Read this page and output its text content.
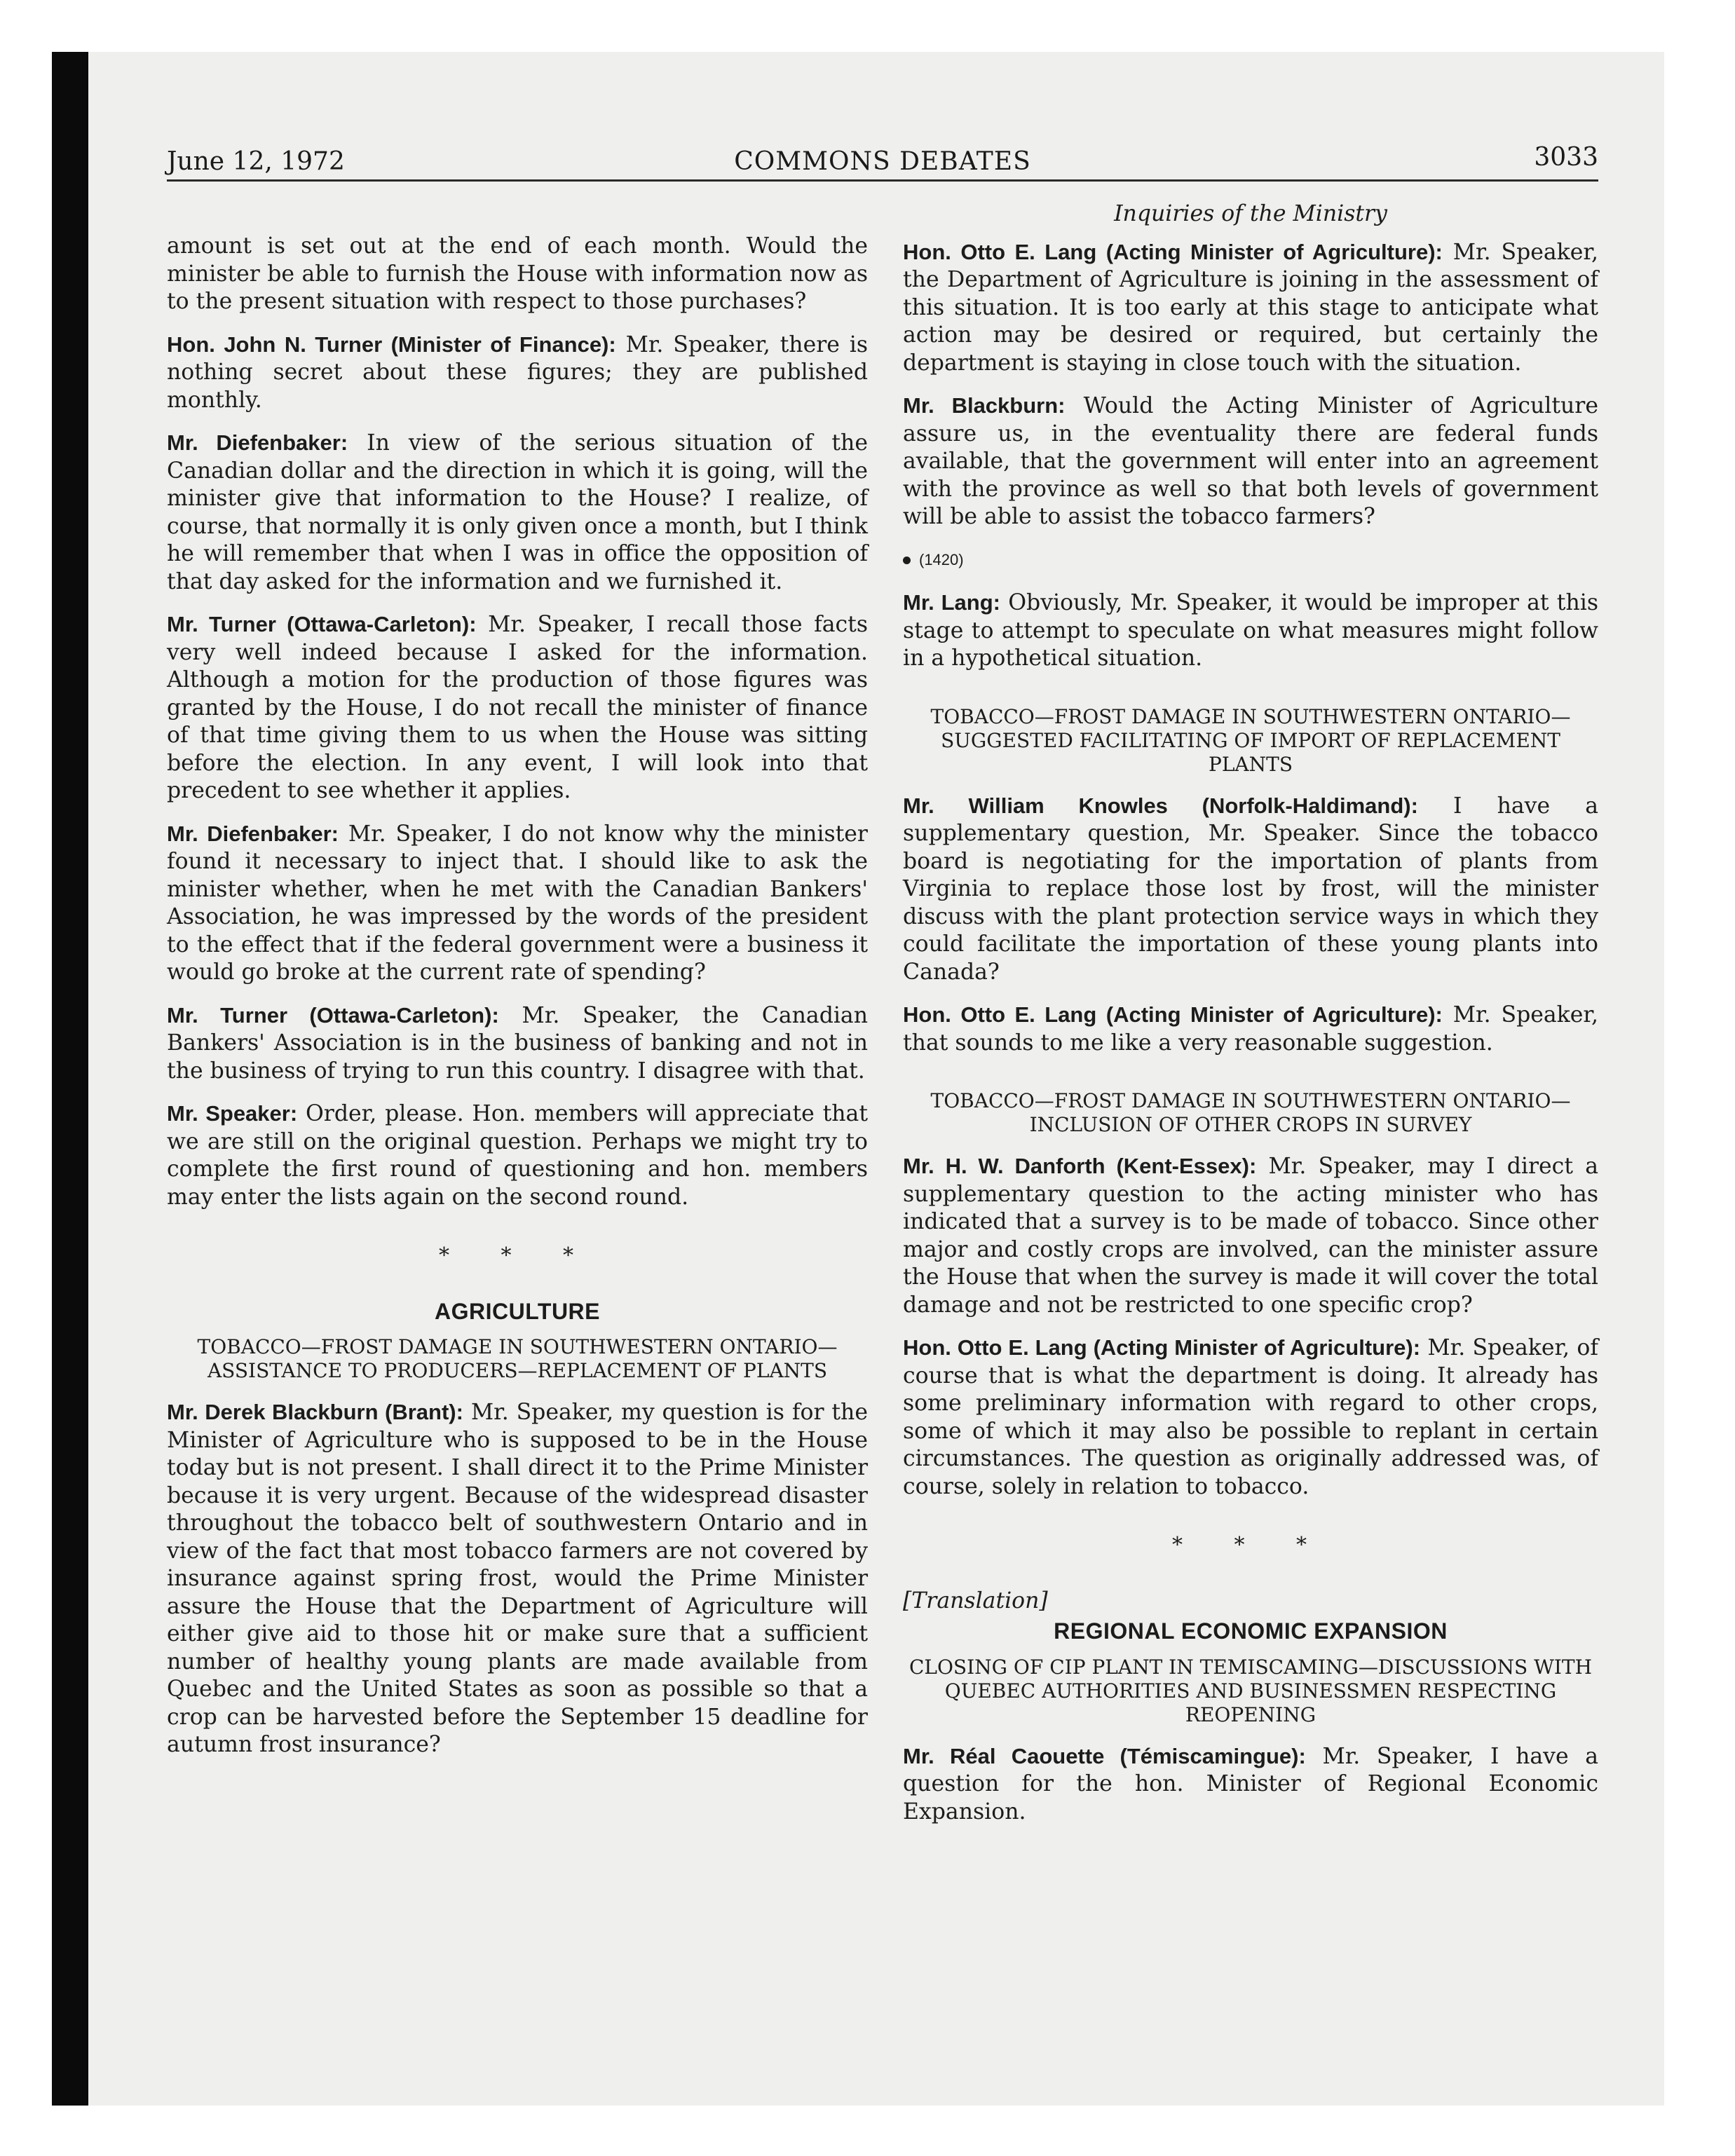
June 12, 1972	COMMONS DEBATES	3033

amount is set out at the end of each month. Would the minister be able to furnish the House with information now as to the present situation with respect to those purchases?

Hon. John N. Turner (Minister of Finance): Mr. Speaker, there is nothing secret about these figures; they are published monthly.

Mr. Diefenbaker: In view of the serious situation of the Canadian dollar and the direction in which it is going, will the minister give that information to the House? I realize, of course, that normally it is only given once a month, but I think he will remember that when I was in office the opposition of that day asked for the information and we furnished it.

Mr. Turner (Ottawa-Carleton): Mr. Speaker, I recall those facts very well indeed because I asked for the information. Although a motion for the production of those figures was granted by the House, I do not recall the minister of finance of that time giving them to us when the House was sitting before the election. In any event, I will look into that precedent to see whether it applies.

Mr. Diefenbaker: Mr. Speaker, I do not know why the minister found it necessary to inject that. I should like to ask the minister whether, when he met with the Canadian Bankers' Association, he was impressed by the words of the president to the effect that if the federal government were a business it would go broke at the current rate of spending?

Mr. Turner (Ottawa-Carleton): Mr. Speaker, the Canadian Bankers' Association is in the business of banking and not in the business of trying to run this country. I disagree with that.

Mr. Speaker: Order, please. Hon. members will appreciate that we are still on the original question. Perhaps we might try to complete the first round of questioning and hon. members may enter the lists again on the second round.

* * *
AGRICULTURE
TOBACCO—FROST DAMAGE IN SOUTHWESTERN ONTARIO—ASSISTANCE TO PRODUCERS—REPLACEMENT OF PLANTS

Mr. Derek Blackburn (Brant): Mr. Speaker, my question is for the Minister of Agriculture who is supposed to be in the House today but is not present. I shall direct it to the Prime Minister because it is very urgent. Because of the widespread disaster throughout the tobacco belt of southwestern Ontario and in view of the fact that most tobacco farmers are not covered by insurance against spring frost, would the Prime Minister assure the House that the Department of Agriculture will either give aid to those hit or make sure that a sufficient number of healthy young plants are made available from Quebec and the United States as soon as possible so that a crop can be harvested before the September 15 deadline for autumn frost insurance?

Inquiries of the Ministry

Hon. Otto E. Lang (Acting Minister of Agriculture): Mr. Speaker, the Department of Agriculture is joining in the assessment of this situation. It is too early at this stage to anticipate what action may be desired or required, but certainly the department is staying in close touch with the situation.

Mr. Blackburn: Would the Acting Minister of Agriculture assure us, in the eventuality there are federal funds available, that the government will enter into an agreement with the province as well so that both levels of government will be able to assist the tobacco farmers?

(1420)

Mr. Lang: Obviously, Mr. Speaker, it would be improper at this stage to attempt to speculate on what measures might follow in a hypothetical situation.

TOBACCO—FROST DAMAGE IN SOUTHWESTERN ONTARIO—SUGGESTED FACILITATING OF IMPORT OF REPLACEMENT PLANTS

Mr. William Knowles (Norfolk-Haldimand): I have a supplementary question, Mr. Speaker. Since the tobacco board is negotiating for the importation of plants from Virginia to replace those lost by frost, will the minister discuss with the plant protection service ways in which they could facilitate the importation of these young plants into Canada?

Hon. Otto E. Lang (Acting Minister of Agriculture): Mr. Speaker, that sounds to me like a very reasonable suggestion.

TOBACCO—FROST DAMAGE IN SOUTHWESTERN ONTARIO—INCLUSION OF OTHER CROPS IN SURVEY

Mr. H. W. Danforth (Kent-Essex): Mr. Speaker, may I direct a supplementary question to the acting minister who has indicated that a survey is to be made of tobacco. Since other major and costly crops are involved, can the minister assure the House that when the survey is made it will cover the total damage and not be restricted to one specific crop?

Hon. Otto E. Lang (Acting Minister of Agriculture): Mr. Speaker, of course that is what the department is doing. It already has some preliminary information with regard to other crops, some of which it may also be possible to replant in certain circumstances. The question as originally addressed was, of course, solely in relation to tobacco.

* * *
[Translation]
REGIONAL ECONOMIC EXPANSION
CLOSING OF CIP PLANT IN TEMISCAMING—DISCUSSIONS WITH QUEBEC AUTHORITIES AND BUSINESSMEN RESPECTING REOPENING

Mr. Réal Caouette (Témiscamingue): Mr. Speaker, I have a question for the hon. Minister of Regional Economic Expansion.
